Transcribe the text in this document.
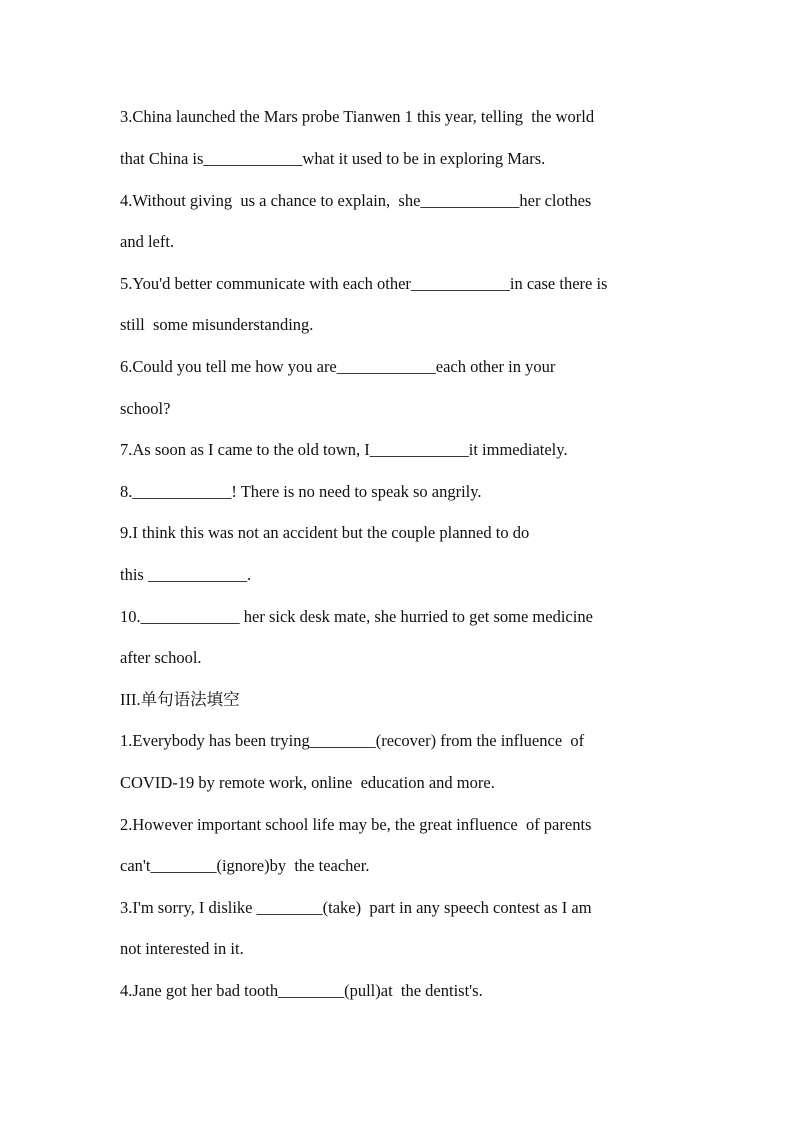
3.China launched the Mars probe Tianwen 1 this year, telling  the world
that China is____________what it used to be in exploring Mars.
4.Without giving  us a chance to explain,  she____________her clothes
and left.
5.You'd better communicate with each other____________in case there is
still  some misunderstanding.
6.Could you tell me how you are____________each other in your
school?
7.As soon as I came to the old town, I____________it immediately.
8.____________! There is no need to speak so angrily.
9.I think this was not an accident but the couple planned to do
this ____________.
10.____________ her sick desk mate, she hurried to get some medicine
after school.
III.单句语法填空
1.Everybody has been trying________(recover) from the influence  of
COVID-19 by remote work, online  education and more.
2.However important school life may be, the great influence  of parents
can't________(ignore)by  the teacher.
3.I'm sorry, I dislike ________(take)  part in any speech contest as I am
not interested in it.
4.Jane got her bad tooth________(pull)at  the dentist's.
